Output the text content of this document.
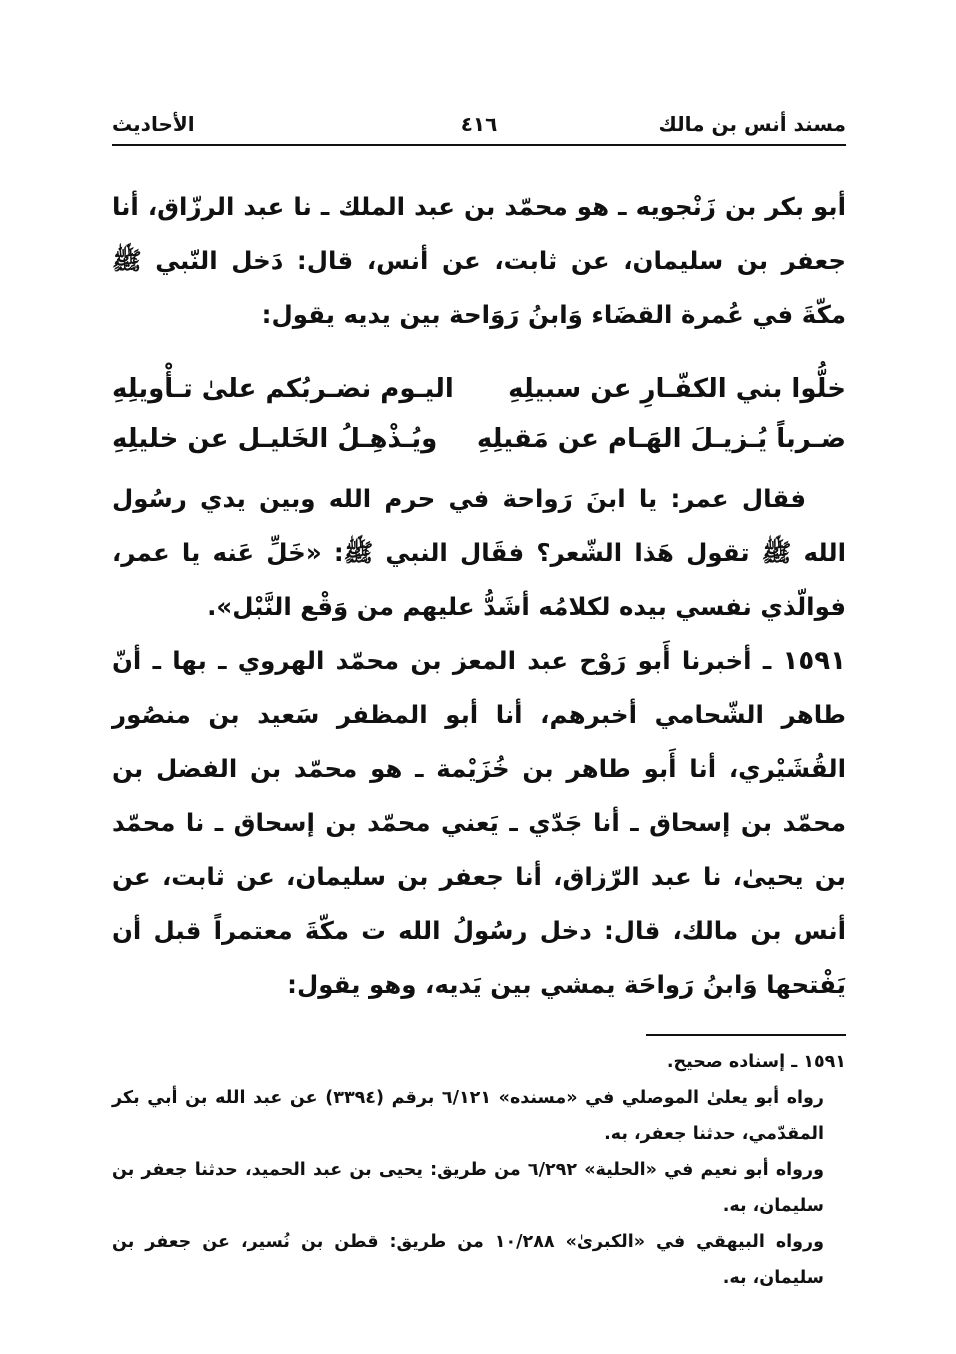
مسند أنس بن مالك
٤١٦
الأحاديث

أبو بكر بن زَنْجويه ـ هو محمّد بن عبد الملك ـ نا عبد الرزّاق، أنا جعفر بن سليمان، عن ثابت، عن أنس، قال: دَخل النّبي ﷺ مكّةَ في عُمرة القضَاء وَابنُ رَوَاحة بين يديه يقول:

خلُّوا بني الكفّـارِ عن سبيلِهِ
اليـوم نضـربُكم علىٰ تـأْويلِهِ
ضـرباً يُـزيـلَ الهَـام عن مَقيلِهِ
ويُـذْهِـلُ الخَليـل عن خليلِهِ

فقال عمر: يا ابنَ رَواحة في حرم الله وبين يدي رسُول الله ﷺ تقول هَذا الشّعر؟ فقَال النبي ﷺ: «خَلِّ عَنه يا عمر، فوالّذي نفسي بيده لكلامُه أشَدُّ عليهم من وَقْع النَّبْل».

١٥٩١ ـ أخبرنا أَبو رَوْح عبد المعز بن محمّد الهروي ـ بها ـ أنّ طاهر الشّحامي أخبرهم، أنا أبو المظفر سَعيد بن منصُور القُشَيْري، أنا أَبو طاهر بن خُزَيْمة ـ هو محمّد بن الفضل بن محمّد بن إسحاق ـ أنا جَدّي ـ يَعني محمّد بن إسحاق ـ نا محمّد بن يحيىٰ، نا عبد الرّزاق، أنا جعفر بن سليمان، عن ثابت، عن أنس بن مالك، قال: دخل رسُولُ الله ت مكّةَ معتمراً قبل أن يَفْتحها وَابنُ رَواحَة يمشي بين يَديه، وهو يقول:

١٥٩١ ـ إسناده صحيح.

رواه أبو يعلىٰ الموصلي في «مسنده» ٦/١٢١ برقم (٣٣٩٤) عن عبد الله بن أبي بكر المقدّمي، حدثنا جعفر، به.

ورواه أبو نعيم في «الحلية» ٦/٢٩٢ من طريق: يحيى بن عبد الحميد، حدثنا جعفر بن سليمان، به.

ورواه البيهقي في «الكبرىٰ» ١٠/٢٨٨ من طريق: قطن بن نُسير، عن جعفر بن سليمان، به.
